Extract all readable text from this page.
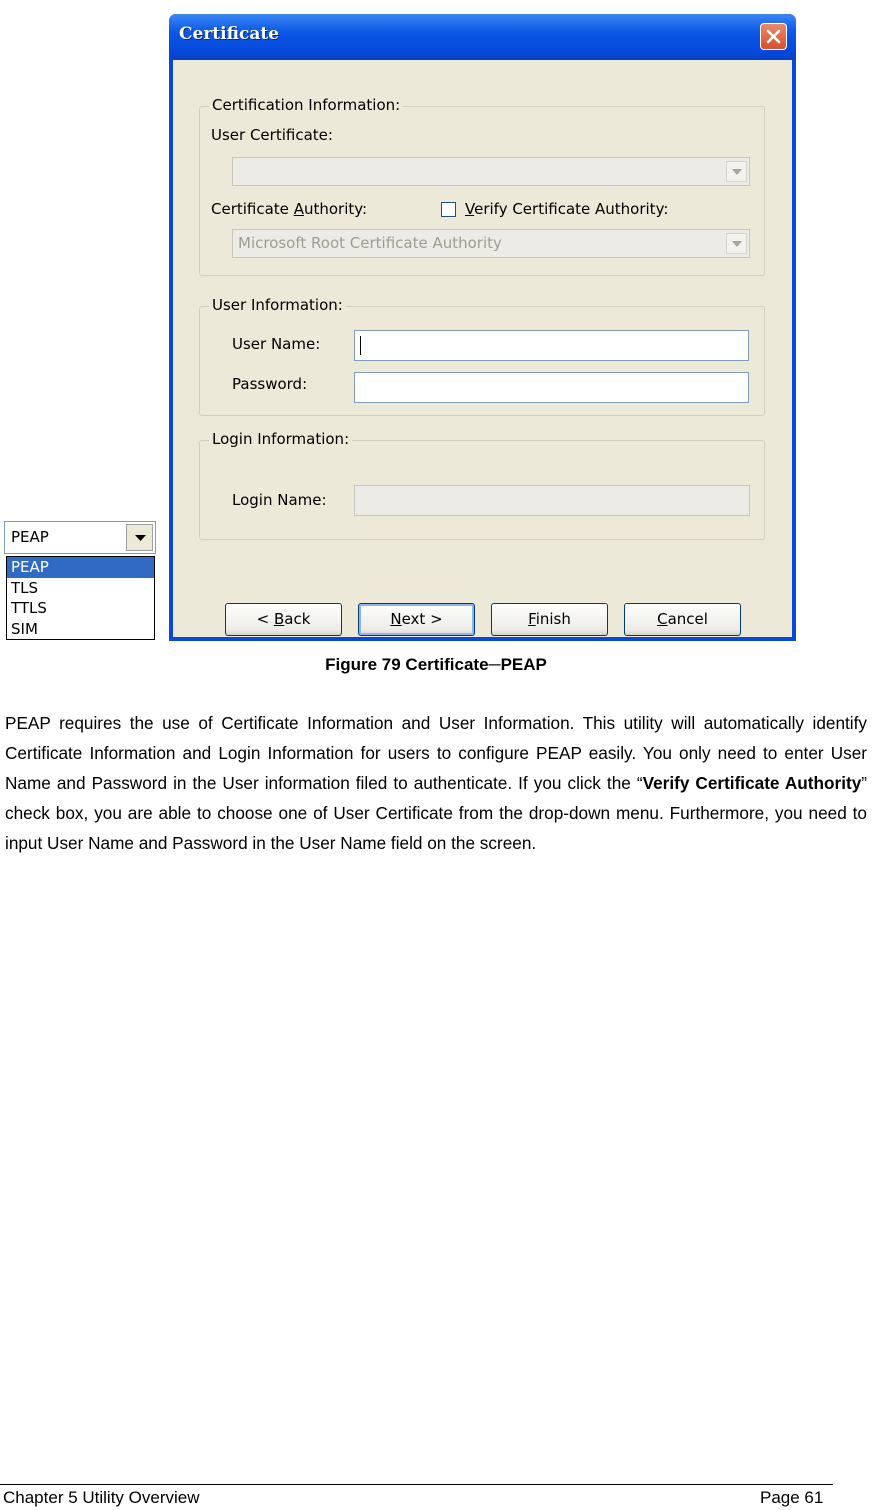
Certificate
Certification Information:
User Certificate:
Certificate Authority:	Verify Certificate Authority:
Microsoft Root Certificate Authority
User Information:
User Name:
Password:
Login Information:
Login Name:
< Back	Next >	Finish	Cancel
PEAP
PEAP
TLS
TTLS
SIM
Figure 79 Certificate─PEAP
PEAP requires the use of Certificate Information and User Information. This utility will automatically identify Certificate Information and Login Information for users to configure PEAP easily. You only need to enter User Name and Password in the User information filed to authenticate. If you click the “Verify Certificate Authority” check box, you are able to choose one of User Certificate from the drop-down menu. Furthermore, you need to input User Name and Password in the User Name field on the screen.
Chapter 5 Utility Overview	Page 61
